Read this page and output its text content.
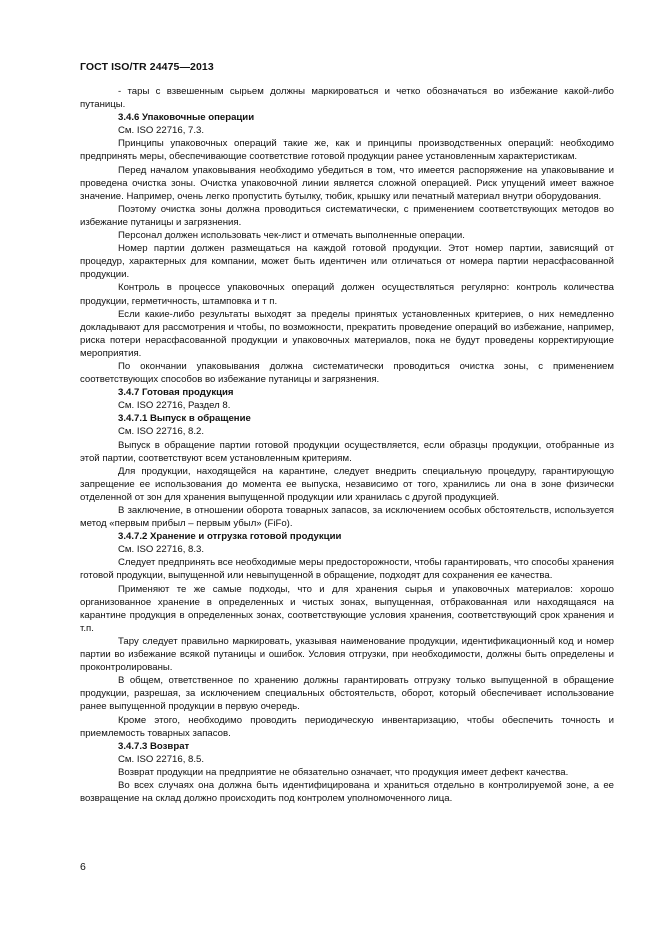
ГОСТ ISO/TR 24475—2013

- тары с взвешенным сырьем должны маркироваться и четко обозначаться во избежание какой-либо путаницы.

3.4.6 Упаковочные операции

См. ISO 22716, 7.3.

Принципы упаковочных операций такие же, как и принципы производственных операций: необходимо предпринять меры, обеспечивающие соответствие готовой продукции ранее установленным характеристикам.

Перед началом упаковывания необходимо убедиться в том, что имеется распоряжение на упаковывание и проведена очистка зоны. Очистка упаковочной линии является сложной операцией. Риск упущений имеет важное значение. Например, очень легко пропустить бутылку, тюбик, крышку или печатный материал внутри оборудования.

Поэтому очистка зоны должна проводиться систематически, с применением соответствующих методов во избежание путаницы и загрязнения.

Персонал должен использовать чек-лист и отмечать выполненные операции.

Номер партии должен размещаться на каждой готовой продукции. Этот номер партии, зависящий от процедур, характерных для компании, может быть идентичен или отличаться от номера партии нерасфасованной продукции.

Контроль в процессе упаковочных операций должен осуществляться регулярно: контроль количества продукции, герметичность, штамповка и т п.

Если какие-либо результаты выходят за пределы принятых установленных критериев, о них немедленно докладывают для рассмотрения и чтобы, по возможности, прекратить проведение операций во избежание, например, риска потери нерасфасованной продукции и упаковочных материалов, пока не будут проведены корректирующие мероприятия.

По окончании упаковывания должна систематически проводиться очистка зоны, с применением соответствующих способов во избежание путаницы и загрязнения.

3.4.7 Готовая продукция

См. ISO 22716, Раздел 8.

3.4.7.1 Выпуск в обращение

См. ISO 22716, 8.2.

Выпуск в обращение партии готовой продукции осуществляется, если образцы продукции, отобранные из этой партии, соответствуют всем установленным критериям.

Для продукции, находящейся на карантине, следует внедрить специальную процедуру, гарантирующую запрещение ее использования до момента ее выпуска, независимо от того, хранились ли она в зоне физически отделенной от зон для хранения выпущенной продукции или хранилась с другой продукцией.

В заключение, в отношении оборота товарных запасов, за исключением особых обстоятельств, используется метод «первым прибыл – первым убыл» (FiFo).

3.4.7.2 Хранение и отгрузка готовой продукции

См. ISO 22716, 8.3.

Следует предпринять все необходимые меры предосторожности, чтобы гарантировать, что способы хранения готовой продукции, выпущенной или невыпущенной в обращение, подходят для сохранения ее качества.

Применяют те же самые подходы, что и для хранения сырья и упаковочных материалов: хорошо организованное хранение в определенных и чистых зонах, выпущенная, отбракованная или находящаяся на карантине продукция в определенных зонах, соответствующие условия хранения, соответствующий срок хранения и т.п.

Тару следует правильно маркировать, указывая наименование продукции, идентификационный код и номер партии во избежание всякой путаницы и ошибок. Условия отгрузки, при необходимости, должны быть определены и проконтролированы.

В общем, ответственное по хранению должны гарантировать отгрузку только выпущенной в обращение продукции, разрешая, за исключением специальных обстоятельств, оборот, который обеспечивает использование ранее выпущенной продукции в первую очередь.

Кроме этого, необходимо проводить периодическую инвентаризацию, чтобы обеспечить точность и приемлемость товарных запасов.

3.4.7.3 Возврат

См. ISO 22716, 8.5.

Возврат продукции на предприятие не обязательно означает, что продукция имеет дефект качества.

Во всех случаях она должна быть идентифицирована и храниться отдельно в контролируемой зоне, а ее возвращение на склад должно происходить под контролем уполномоченного лица.

6
